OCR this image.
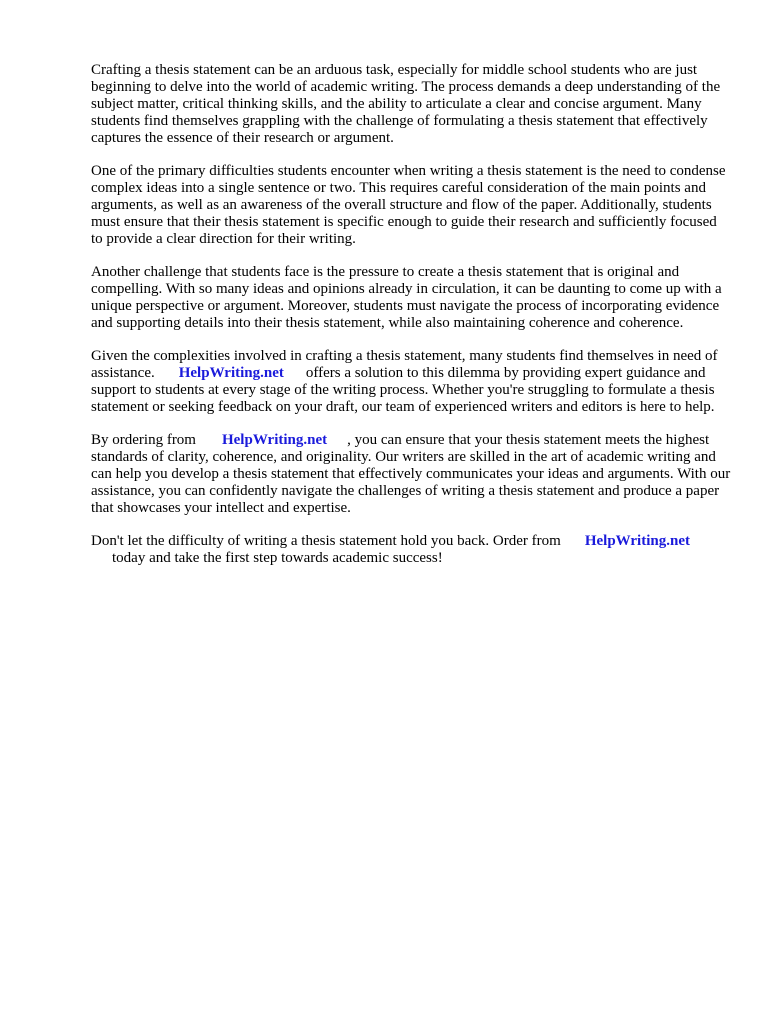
Crafting a thesis statement can be an arduous task, especially for middle school students who are just beginning to delve into the world of academic writing. The process demands a deep understanding of the subject matter, critical thinking skills, and the ability to articulate a clear and concise argument. Many students find themselves grappling with the challenge of formulating a thesis statement that effectively captures the essence of their research or argument.

One of the primary difficulties students encounter when writing a thesis statement is the need to condense complex ideas into a single sentence or two. This requires careful consideration of the main points and arguments, as well as an awareness of the overall structure and flow of the paper. Additionally, students must ensure that their thesis statement is specific enough to guide their research and sufficiently focused to provide a clear direction for their writing.

Another challenge that students face is the pressure to create a thesis statement that is original and compelling. With so many ideas and opinions already in circulation, it can be daunting to come up with a unique perspective or argument. Moreover, students must navigate the process of incorporating evidence and supporting details into their thesis statement, while also maintaining coherence and coherence.

Given the complexities involved in crafting a thesis statement, many students find themselves in need of assistance. HelpWriting.net offers a solution to this dilemma by providing expert guidance and support to students at every stage of the writing process. Whether you're struggling to formulate a thesis statement or seeking feedback on your draft, our team of experienced writers and editors is here to help.

By ordering from HelpWriting.net , you can ensure that your thesis statement meets the highest standards of clarity, coherence, and originality. Our writers are skilled in the art of academic writing and can help you develop a thesis statement that effectively communicates your ideas and arguments. With our assistance, you can confidently navigate the challenges of writing a thesis statement and produce a paper that showcases your intellect and expertise.

Don't let the difficulty of writing a thesis statement hold you back. Order from HelpWriting.net
today and take the first step towards academic success!
